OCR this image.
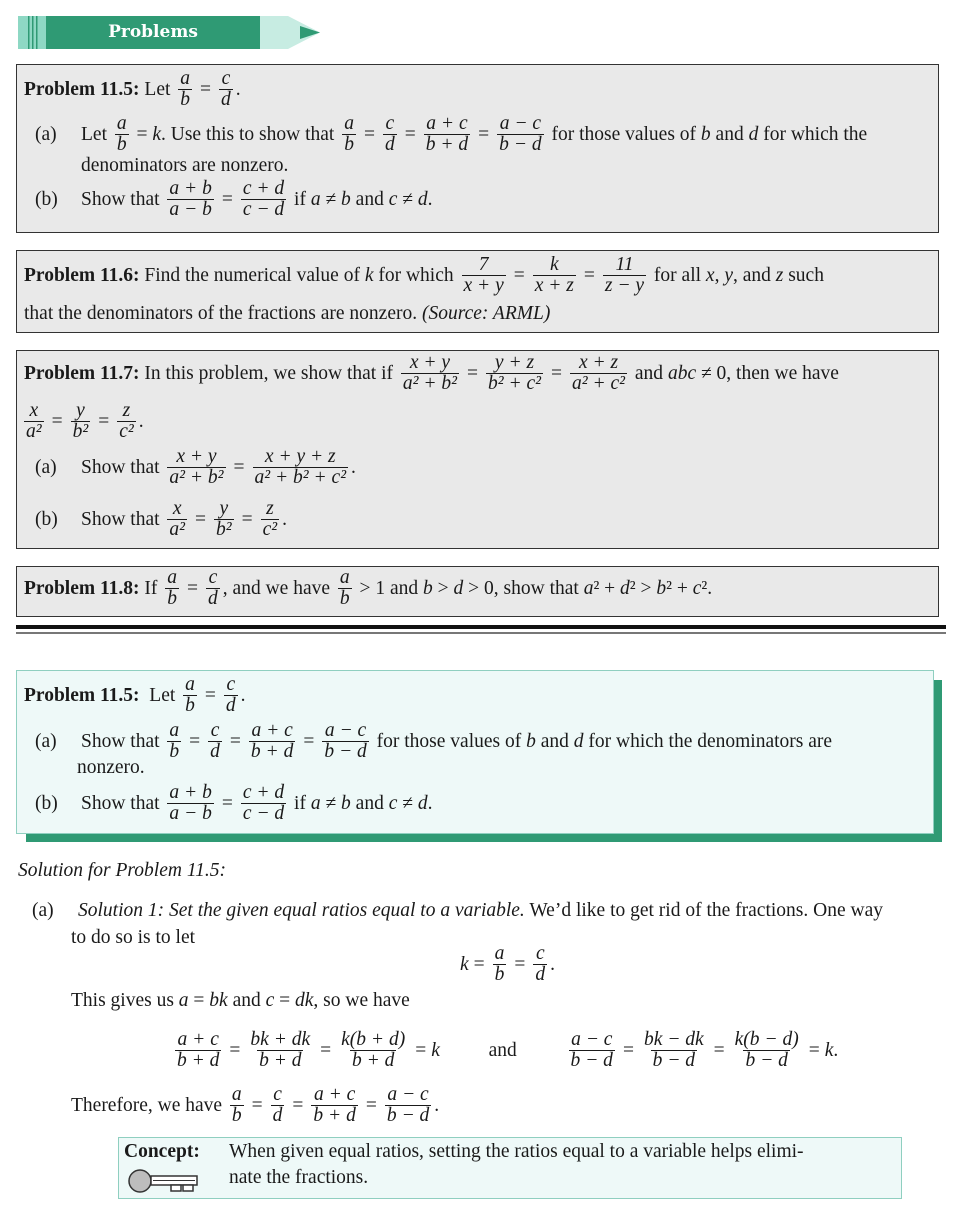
Problems
Problem 11.5: Let $\frac{a}{b} = \frac{c}{d}$ .
(a)	Let $\frac{a}{b} = k$ . Use this to show that $\frac{a}{b} = \frac{c}{d} = \frac{a + c}{b + d} = \frac{a - c}{b - d}$ for those values of b and d for which the
denominators are nonzero.
(b)	Show that $\frac{a + b}{a - b} = \frac{c + d}{c - d}$ if a ≠ b and c ≠ d .
Problem 11.6: Find the numerical value of k for which $\frac{7}{x + y} = \frac{k}{x + z} = \frac{11}{z - y}$ for all x , y , and z such
that the denominators of the fractions are nonzero. (Source: ARML)
Problem 11.7: In this problem, we show that if $\frac{x + y}{\text{a² + b²}} = \frac{y + z}{\text{b² + c²}} = \frac{x + z}{\text{a² + c²}}$ and abc ≠ 0, then we have
$\frac{x}{\text{a²}} = \frac{y}{\text{b²}} = \frac{z}{\text{c²}}$ .
(a)	Show that $\frac{x + y}{\text{a² + b²}} = \frac{x + y + z}{\text{a² + b² + c²}}$ .
(b)	Show that $\frac{x}{\text{a²}} = \frac{y}{\text{b²}} = \frac{z}{\text{c²}}$ .
Problem 11.8: If $\frac{a}{b} = \frac{c}{d}$ , and we have $\frac{a}{b} > 1$ and b > d > 0, show that a ² + d ² > b ² + c ².
Problem 11.5: Let $\frac{a}{b} = \frac{c}{d}$ .
(a)	Show that $\frac{a}{b} = \frac{c}{d} = \frac{a + c}{b + d} = \frac{a - c}{b - d}$ for those values of b and d for which the denominators are
nonzero.
(b)	Show that $\frac{a + b}{a - b} = \frac{c + d}{c - d}$ if a ≠ b and c ≠ d .
Solution for Problem 11.5:
(a)	Solution 1: Set the given equal ratios equal to a variable. We’d like to get rid of the fractions. One way
to do so is to let
$k = \frac{a}{b} = \frac{c}{d}$ .
This gives us a = bk and c = dk , so we have
$\frac{a + c}{b + d} = \frac{bk + dk}{b + d} = \frac{k(b + d)}{b + d} = k$ and $\frac{a - c}{b - d} = \frac{bk - dk}{b - d} = \frac{k(b - d)}{b - d} = k$ .
Therefore, we have $\frac{a}{b} = \frac{c}{d} = \frac{a + c}{b + d} = \frac{a - c}{b - d}$ .
Concept: When given equal ratios, setting the ratios equal to a variable helps elimi-
nate the fractions.
